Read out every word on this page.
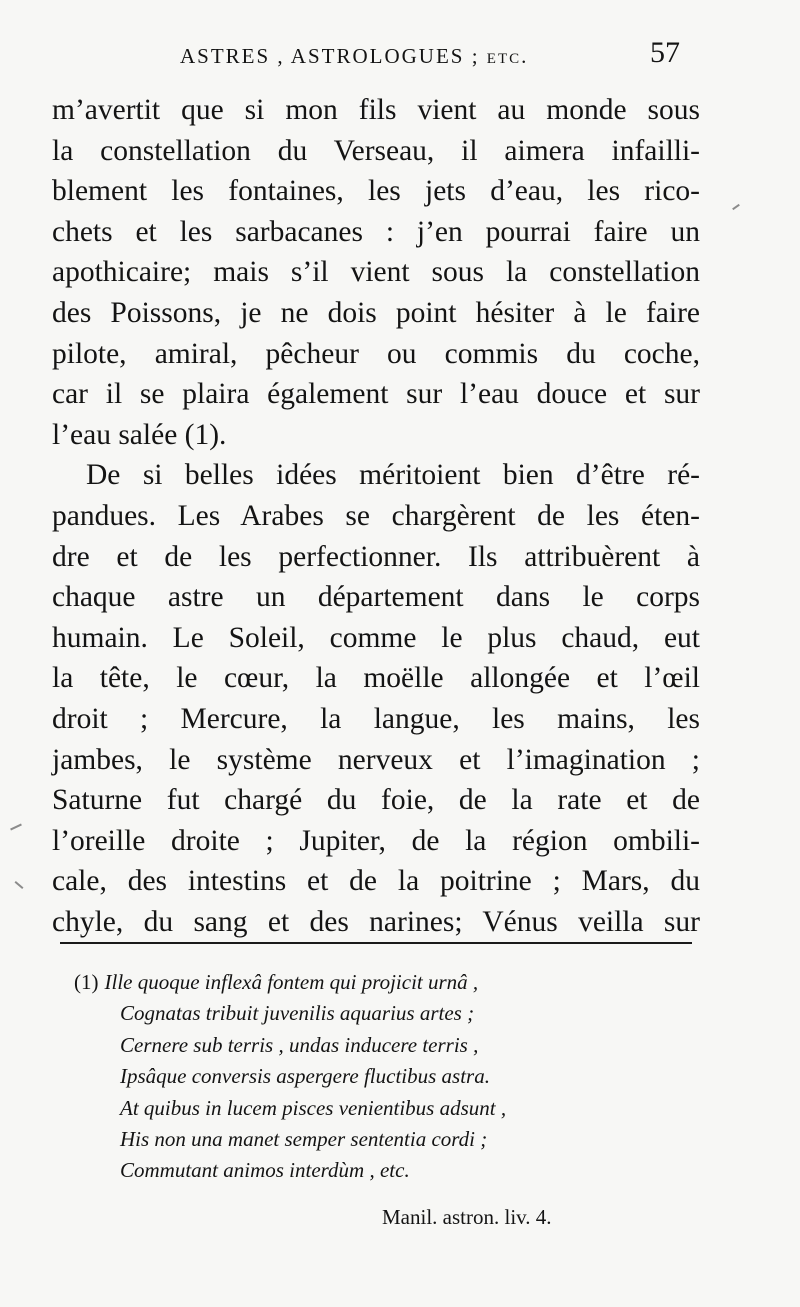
ASTRES , ASTROLOGUES ; etc.	57

m’avertit que si mon fils vient au monde sous

la constellation du Verseau, il aimera infailli-

blement les fontaines, les jets d’eau, les rico-

chets et les sarbacanes : j’en pourrai faire un

apothicaire; mais s’il vient sous la constellation

des Poissons, je ne dois point hésiter à le faire

pilote, amiral, pêcheur ou commis du coche,

car il se plaira également sur l’eau douce et sur

l’eau salée (1).

De si belles idées méritoient bien d’être ré-

pandues. Les Arabes se chargèrent de les éten-

dre et de les perfectionner. Ils attribuèrent à

chaque astre un département dans le corps

humain. Le Soleil, comme le plus chaud, eut

la tête, le cœur, la moëlle allongée et l’œil

droit ; Mercure, la langue, les mains, les

jambes, le système nerveux et l’imagination ;

Saturne fut chargé du foie, de la rate et de

l’oreille droite ; Jupiter, de la région ombili-

cale, des intestins et de la poitrine ; Mars, du

chyle, du sang et des narines; Vénus veilla sur

(1) Ille quoque inflexâ fontem qui projicit urnâ ,

Cognatas tribuit juvenilis aquarius artes ;

Cernere sub terris , undas inducere terris ,

Ipsâque conversis aspergere fluctibus astra.

At quibus in lucem pisces venientibus adsunt ,

His non una manet semper sententia cordi ;

Commutant animos interdùm , etc.

Manil. astron. liv. 4.
